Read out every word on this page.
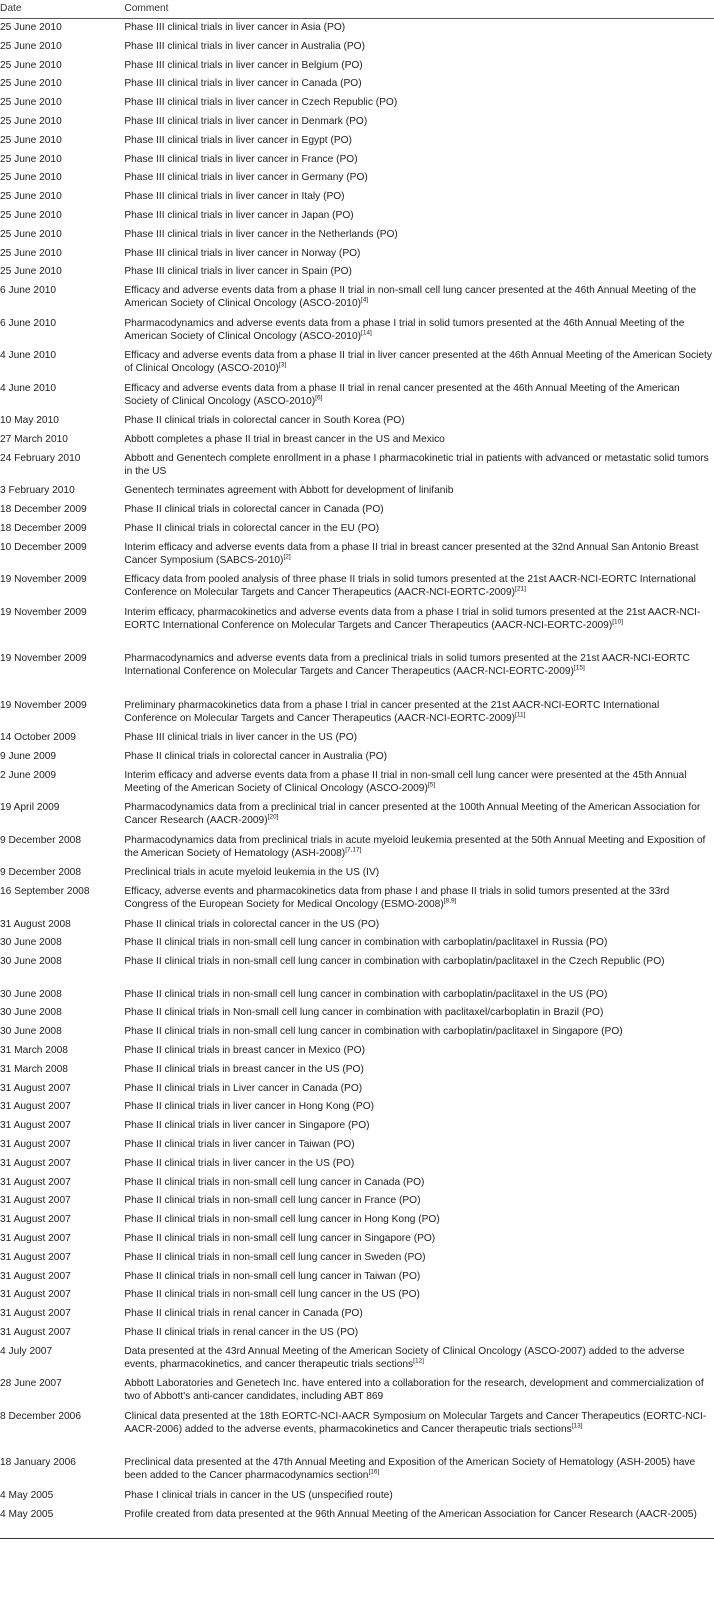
Date	Comment
25 June 2010	Phase III clinical trials in liver cancer in Asia (PO)
25 June 2010	Phase III clinical trials in liver cancer in Australia (PO)
25 June 2010	Phase III clinical trials in liver cancer in Belgium (PO)
25 June 2010	Phase III clinical trials in liver cancer in Canada (PO)
25 June 2010	Phase III clinical trials in liver cancer in Czech Republic (PO)
25 June 2010	Phase III clinical trials in liver cancer in Denmark (PO)
25 June 2010	Phase III clinical trials in liver cancer in Egypt (PO)
25 June 2010	Phase III clinical trials in liver cancer in France (PO)
25 June 2010	Phase III clinical trials in liver cancer in Germany (PO)
25 June 2010	Phase III clinical trials in liver cancer in Italy (PO)
25 June 2010	Phase III clinical trials in liver cancer in Japan (PO)
25 June 2010	Phase III clinical trials in liver cancer in the Netherlands (PO)
25 June 2010	Phase III clinical trials in liver cancer in Norway (PO)
25 June 2010	Phase III clinical trials in liver cancer in Spain (PO)
6 June 2010	Efficacy and adverse events data from a phase II trial in non-small cell lung cancer presented at the 46th Annual Meeting of the American Society of Clinical Oncology (ASCO-2010)[4]
6 June 2010	Pharmacodynamics and adverse events data from a phase I trial in solid tumors presented at the 46th Annual Meeting of the American Society of Clinical Oncology (ASCO-2010)[14]
4 June 2010	Efficacy and adverse events data from a phase II trial in liver cancer presented at the 46th Annual Meeting of the American Society of Clinical Oncology (ASCO-2010)[3]
4 June 2010	Efficacy and adverse events data from a phase II trial in renal cancer presented at the 46th Annual Meeting of the American Society of Clinical Oncology (ASCO-2010)[6]
10 May 2010	Phase II clinical trials in colorectal cancer in South Korea (PO)
27 March 2010	Abbott completes a phase II trial in breast cancer in the US and Mexico
24 February 2010	Abbott and Genentech complete enrollment in a phase I pharmacokinetic trial in patients with advanced or metastatic solid tumors in the US
3 February 2010	Genentech terminates agreement with Abbott for development of linifanib
18 December 2009	Phase II clinical trials in colorectal cancer in Canada (PO)
18 December 2009	Phase II clinical trials in colorectal cancer in the EU (PO)
10 December 2009	Interim efficacy and adverse events data from a phase II trial in breast cancer presented at the 32nd Annual San Antonio Breast Cancer Symposium (SABCS-2010)[2]
19 November 2009	Efficacy data from pooled analysis of three phase II trials in solid tumors presented at the 21st AACR-NCI-EORTC International Conference on Molecular Targets and Cancer Therapeutics (AACR-NCI-EORTC-2009)[21]
19 November 2009	Interim efficacy, pharmacokinetics and adverse events data from a phase I trial in solid tumors presented at the 21st AACR-NCI-EORTC International Conference on Molecular Targets and Cancer Therapeutics (AACR-NCI-EORTC-2009)[10]
19 November 2009	Pharmacodynamics and adverse events data from a preclinical trials in solid tumors presented at the 21st AACR-NCI-EORTC International Conference on Molecular Targets and Cancer Therapeutics (AACR-NCI-EORTC-2009)[15]
19 November 2009	Preliminary pharmacokinetics data from a phase I trial in cancer presented at the 21st AACR-NCI-EORTC International Conference on Molecular Targets and Cancer Therapeutics (AACR-NCI-EORTC-2009)[11]
14 October 2009	Phase III clinical trials in liver cancer in the US (PO)
9 June 2009	Phase II clinical trials in colorectal cancer in Australia (PO)
2 June 2009	Interim efficacy and adverse events data from a phase II trial in non-small cell lung cancer were presented at the 45th Annual Meeting of the American Society of Clinical Oncology (ASCO-2009)[5]
19 April 2009	Pharmacodynamics data from a preclinical trial in cancer presented at the 100th Annual Meeting of the American Association for Cancer Research (AACR-2009)[20]
9 December 2008	Pharmacodynamics data from preclinical trials in acute myeloid leukemia presented at the 50th Annual Meeting and Exposition of the American Society of Hematology (ASH-2008)[7,17]
9 December 2008	Preclinical trials in acute myeloid leukemia in the US (IV)
16 September 2008	Efficacy, adverse events and pharmacokinetics data from phase I and phase II trials in solid tumors presented at the 33rd Congress of the European Society for Medical Oncology (ESMO-2008)[8,9]
31 August 2008	Phase II clinical trials in colorectal cancer in the US (PO)
30 June 2008	Phase II clinical trials in non-small cell lung cancer in combination with carboplatin/paclitaxel in Russia (PO)
30 June 2008	Phase II clinical trials in non-small cell lung cancer in combination with carboplatin/paclitaxel in the Czech Republic (PO)
30 June 2008	Phase II clinical trials in non-small cell lung cancer in combination with carboplatin/paclitaxel in the US (PO)
30 June 2008	Phase II clinical trials in Non-small cell lung cancer in combination with paclitaxel/carboplatin in Brazil (PO)
30 June 2008	Phase II clinical trials in non-small cell lung cancer in combination with carboplatin/paclitaxel in Singapore (PO)
31 March 2008	Phase II clinical trials in breast cancer in Mexico (PO)
31 March 2008	Phase II clinical trials in breast cancer in the US (PO)
31 August 2007	Phase II clinical trials in Liver cancer in Canada (PO)
31 August 2007	Phase II clinical trials in liver cancer in Hong Kong (PO)
31 August 2007	Phase II clinical trials in liver cancer in Singapore (PO)
31 August 2007	Phase II clinical trials in liver cancer in Taiwan (PO)
31 August 2007	Phase II clinical trials in liver cancer in the US (PO)
31 August 2007	Phase II clinical trials in non-small cell lung cancer in Canada (PO)
31 August 2007	Phase II clinical trials in non-small cell lung cancer in France (PO)
31 August 2007	Phase II clinical trials in non-small cell lung cancer in Hong Kong (PO)
31 August 2007	Phase II clinical trials in non-small cell lung cancer in Singapore (PO)
31 August 2007	Phase II clinical trials in non-small cell lung cancer in Sweden (PO)
31 August 2007	Phase II clinical trials in non-small cell lung cancer in Taiwan (PO)
31 August 2007	Phase II clinical trials in non-small cell lung cancer in the US (PO)
31 August 2007	Phase II clinical trials in renal cancer in Canada (PO)
31 August 2007	Phase II clinical trials in renal cancer in the US (PO)
4 July 2007	Data presented at the 43rd Annual Meeting of the American Society of Clinical Oncology (ASCO-2007) added to the adverse events, pharmacokinetics, and cancer therapeutic trials sections[12]
28 June 2007	Abbott Laboratories and Genetech Inc. have entered into a collaboration for the research, development and commercialization of two of Abbott's anti-cancer candidates, including ABT 869
8 December 2006	Clinical data presented at the 18th EORTC-NCI-AACR Symposium on Molecular Targets and Cancer Therapeutics (EORTC-NCI-AACR-2006) added to the adverse events, pharmacokinetics and Cancer therapeutic trials sections[13]
18 January 2006	Preclinical data presented at the 47th Annual Meeting and Exposition of the American Society of Hematology (ASH-2005) have been added to the Cancer pharmacodynamics section[16]
4 May 2005	Phase I clinical trials in cancer in the US (unspecified route)
4 May 2005	Profile created from data presented at the 96th Annual Meeting of the American Association for Cancer Research (AACR-2005)
